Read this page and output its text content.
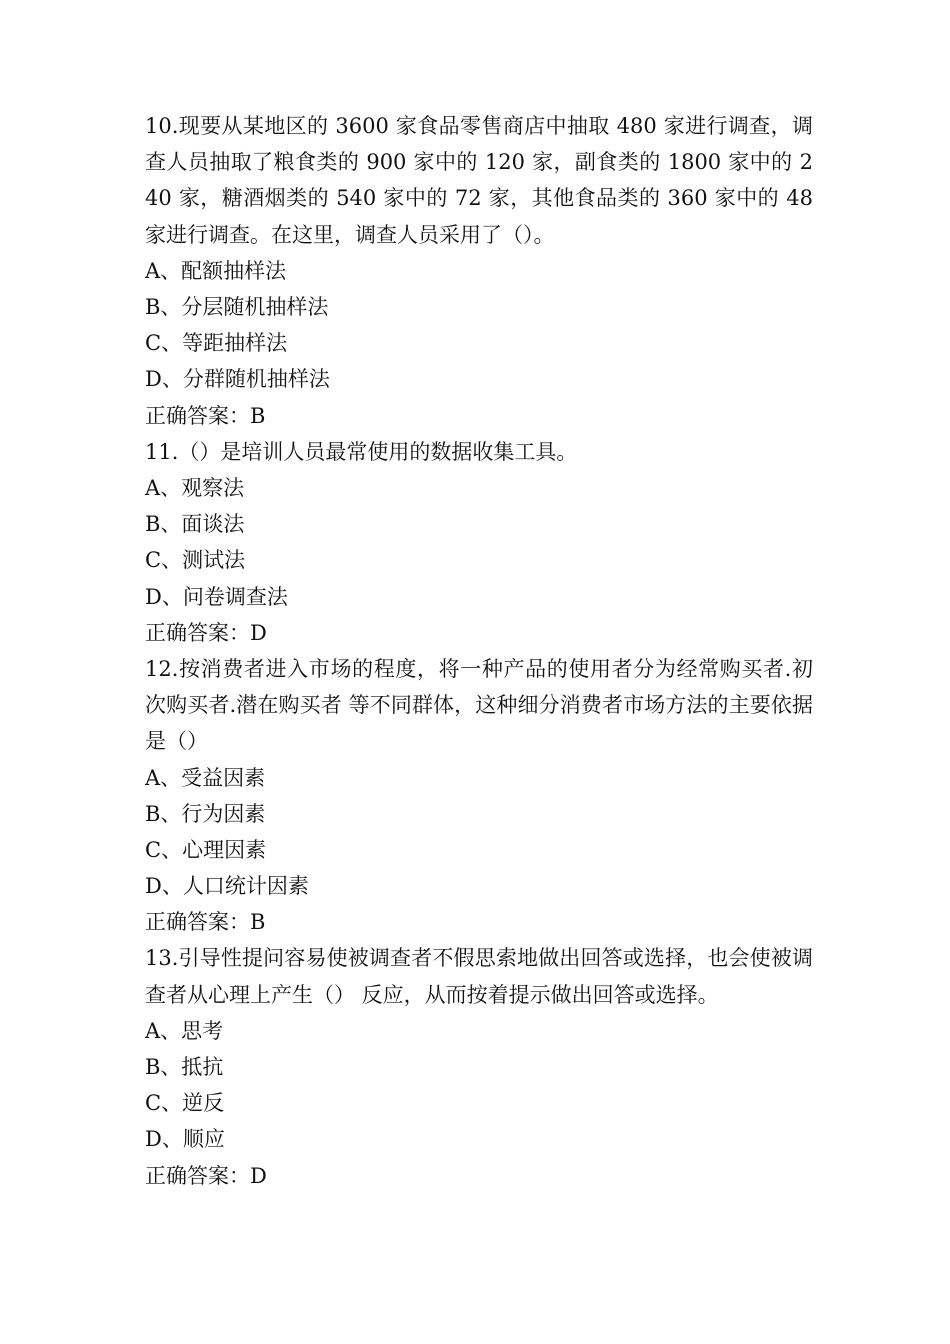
10.现要从某地区的 3600 家食品零售商店中抽取 480 家进行调查，调查人员抽取了粮食类的 900 家中的 120 家，副食类的 1800 家中的 240 家，糖酒烟类的 540 家中的 72 家，其他食品类的 360 家中的 48 家进行调查。在这里，调查人员采用了（）。
A、配额抽样法
B、分层随机抽样法
C、等距抽样法
D、分群随机抽样法
正确答案：B
11.（）是培训人员最常使用的数据收集工具。
A、观察法
B、面谈法
C、测试法
D、问卷调查法
正确答案：D
12.按消费者进入市场的程度，将一种产品的使用者分为经常购买者.初次购买者.潜在购买者 等不同群体，这种细分消费者市场方法的主要依据是（）
A、受益因素
B、行为因素
C、心理因素
D、人口统计因素
正确答案：B
13.引导性提问容易使被调查者不假思索地做出回答或选择，也会使被调查者从心理上产生（） 反应，从而按着提示做出回答或选择。
A、思考
B、抵抗
C、逆反
D、顺应
正确答案：D
